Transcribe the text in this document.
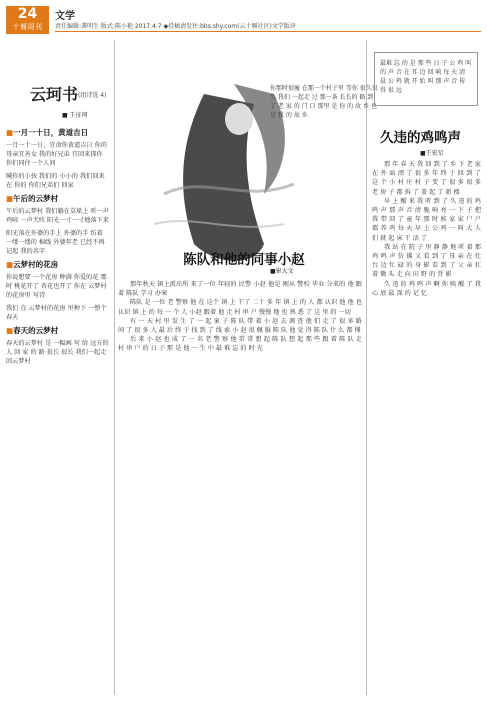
24
十堰周刊
文学
责任编辑:龚明生 版式:陈小艳 2017.4.7 ◆投稿请发往:bbs.shy.com(云十堰社区)文学版块
云珂书 (组诗选 4)
■ 王征珂
■一月一十日，黄道吉日
一月一十一日，宜命你黄道吉日 你的母亲宜善女 我的好兄弟 宜回来探你 你们同住一个人间
喊你的小孩 我们的 小小的 我们回来在 你的 你们兄弟们 回家
■午后的云梦村
午后的云梦村 我们躺在草垛上 听一声鸡啼 一声犬吠 阳光一寸一寸地落下来
阳光落在外婆的手上 外婆的手 纺着 一缕一缕的 棉线 外婆年老 已经不再记起 我的名字
■云梦村的花房
你说想要 一个花房 种满 你爱的花 那时 桃花开了 杏花也开了 你在 云梦村的花房里 写诗
我们 在 云梦村的花房 里种下 一整个春天
■春天的云梦村
春天的云梦村 是 一幅画 写 给 远方的人 回 家 的 路 很长 很长 我们一起走 回云梦村
你那时很瘦 在那一个村子里 等你 很久很久 我们 一起走 过 那一条 长长的 路 到 了 老 家 的 门 口 那里 是 你 的 故 乡 也是 我 的 故 乡
陈队和他的同事小赵
■崔大文

那年秋天 镇上派出所 来了一位 年轻的 民警 小赵 他是 刚从 警校 毕业 分来的 他 跟着 陈队 学习 办案

陈队 是 一位 老 警察 他 在 这个 镇 上 干了 二十 多 年 镇 上 的 人 都 认识 他 他 也 认识 镇 上 的 每 一 个 人 小赵 跟着 他 走 村 串 户 慢慢 地 也 熟 悉 了 这 里 的 一切

有 一 天 村 里 发 生 了 一 起 案 子 陈 队 带 着 小 赵 去 调 查 他 们 走 了 很 多 路 问 了 很 多 人 最 后 终 于 找 到 了 线 索 小 赵 很 佩 服 陈 队 他 觉 得 陈 队 什 么 都 懂

后 来 小 赵 也 成 了 一 名 老 警 察 他 常 常 想 起 陈 队 想 起 那 些 跟 着 陈 队 走 村 串 户 的 日 子 那 是 他 一 生 中 最 难 忘 的 时 光

最难 忘 的 是 那 些 日 子 公 鸡 叫 的 声 音 在 耳 边 回 响 每 天 清 晨 公 鸡 就 开 始 叫 那 声 音 传 得 很 远
久违的鸡鸣声
■王宏星

那 年 春 天 我 回 到 了 乡 下 老 家 在 外 面 漂 了 很 多 年 终 于 回 到 了 这 个 小 村 庄 村 子 变 了 很 多 很 多 老 房 子 都 拆 了 盖 起 了 新 楼

早 上 醒 来 我 听 到 了 久 违 的 鸡 鸣 声 那 声 音 清 脆 响 亮 一 下 子 把 我 带 回 了 童 年 那 时 候 家 家 户 户 都 养 鸡 每 天 早 上 公 鸡 一 叫 大 人 们 就 起 床 干 活 了

我 站 在 院 子 里 静 静 地 听 着 那 鸡 鸣 声 仿 佛 又 看 到 了 母 亲 在 灶 台 边 忙 碌 的 身 影 看 到 了 父 亲 扛 着 锄 头 走 向 田 野 的 背 影

久 违 的 鸡 鸣 声 啊 你 唤 醒 了 我 心 底 最 深 的 记 忆
